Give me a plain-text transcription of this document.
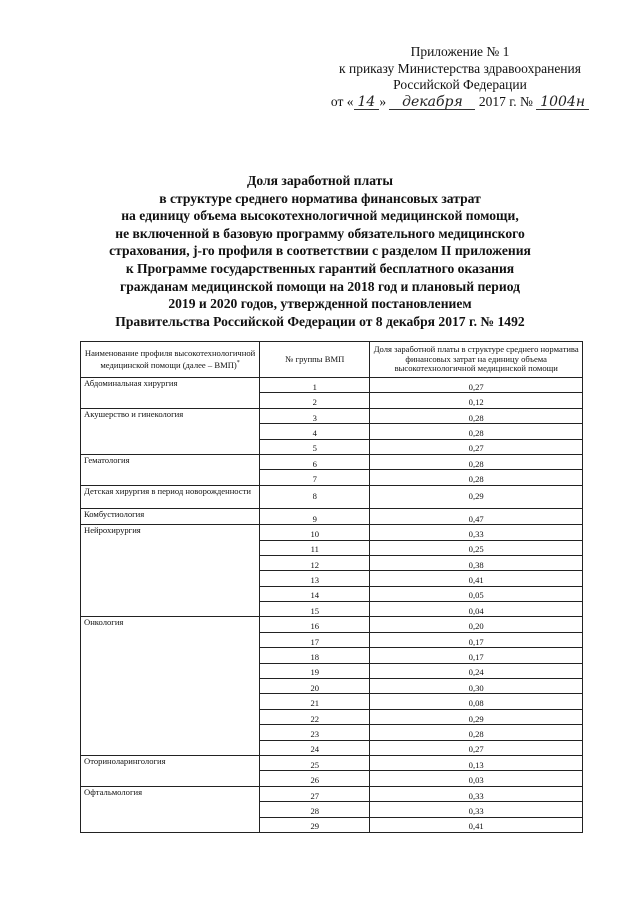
Приложение № 1
к приказу Министерства здравоохранения
Российской Федерации
от « 14 » декабря 2017 г. № 1004н
Доля заработной платы
в структуре среднего норматива финансовых затрат
на единицу объема высокотехнологичной медицинской помощи,
не включенной в базовую программу обязательного медицинского
страхования, j-го профиля в соответствии с разделом II приложения
к Программе государственных гарантий бесплатного оказания
гражданам медицинской помощи на 2018 год и плановый период
2019 и 2020 годов, утвержденной постановлением
Правительства Российской Федерации от 8 декабря 2017 г. № 1492
Наименование профиля высокотехнологичной медицинской помощи (далее – ВМП)*	№ группы ВМП	Доля заработной платы в структуре среднего норматива финансовых затрат на единицу объема высокотехнологичной медицинской помощи
Абдоминальная хирургия	1	0,27
	2	0,12
Акушерство и гинекология	3	0,28
	4	0,28
	5	0,27
Гематология	6	0,28
	7	0,28
Детская хирургия в период новорожденности	8	0,29
Комбустиология	9	0,47
Нейрохирургия	10	0,33
	11	0,25
	12	0,38
	13	0,41
	14	0,05
	15	0,04
Онкология	16	0,20
	17	0,17
	18	0,17
	19	0,24
	20	0,30
	21	0,08
	22	0,29
	23	0,28
	24	0,27
Оториноларингология	25	0,13
	26	0,03
Офтальмология	27	0,33
	28	0,33
	29	0,41
